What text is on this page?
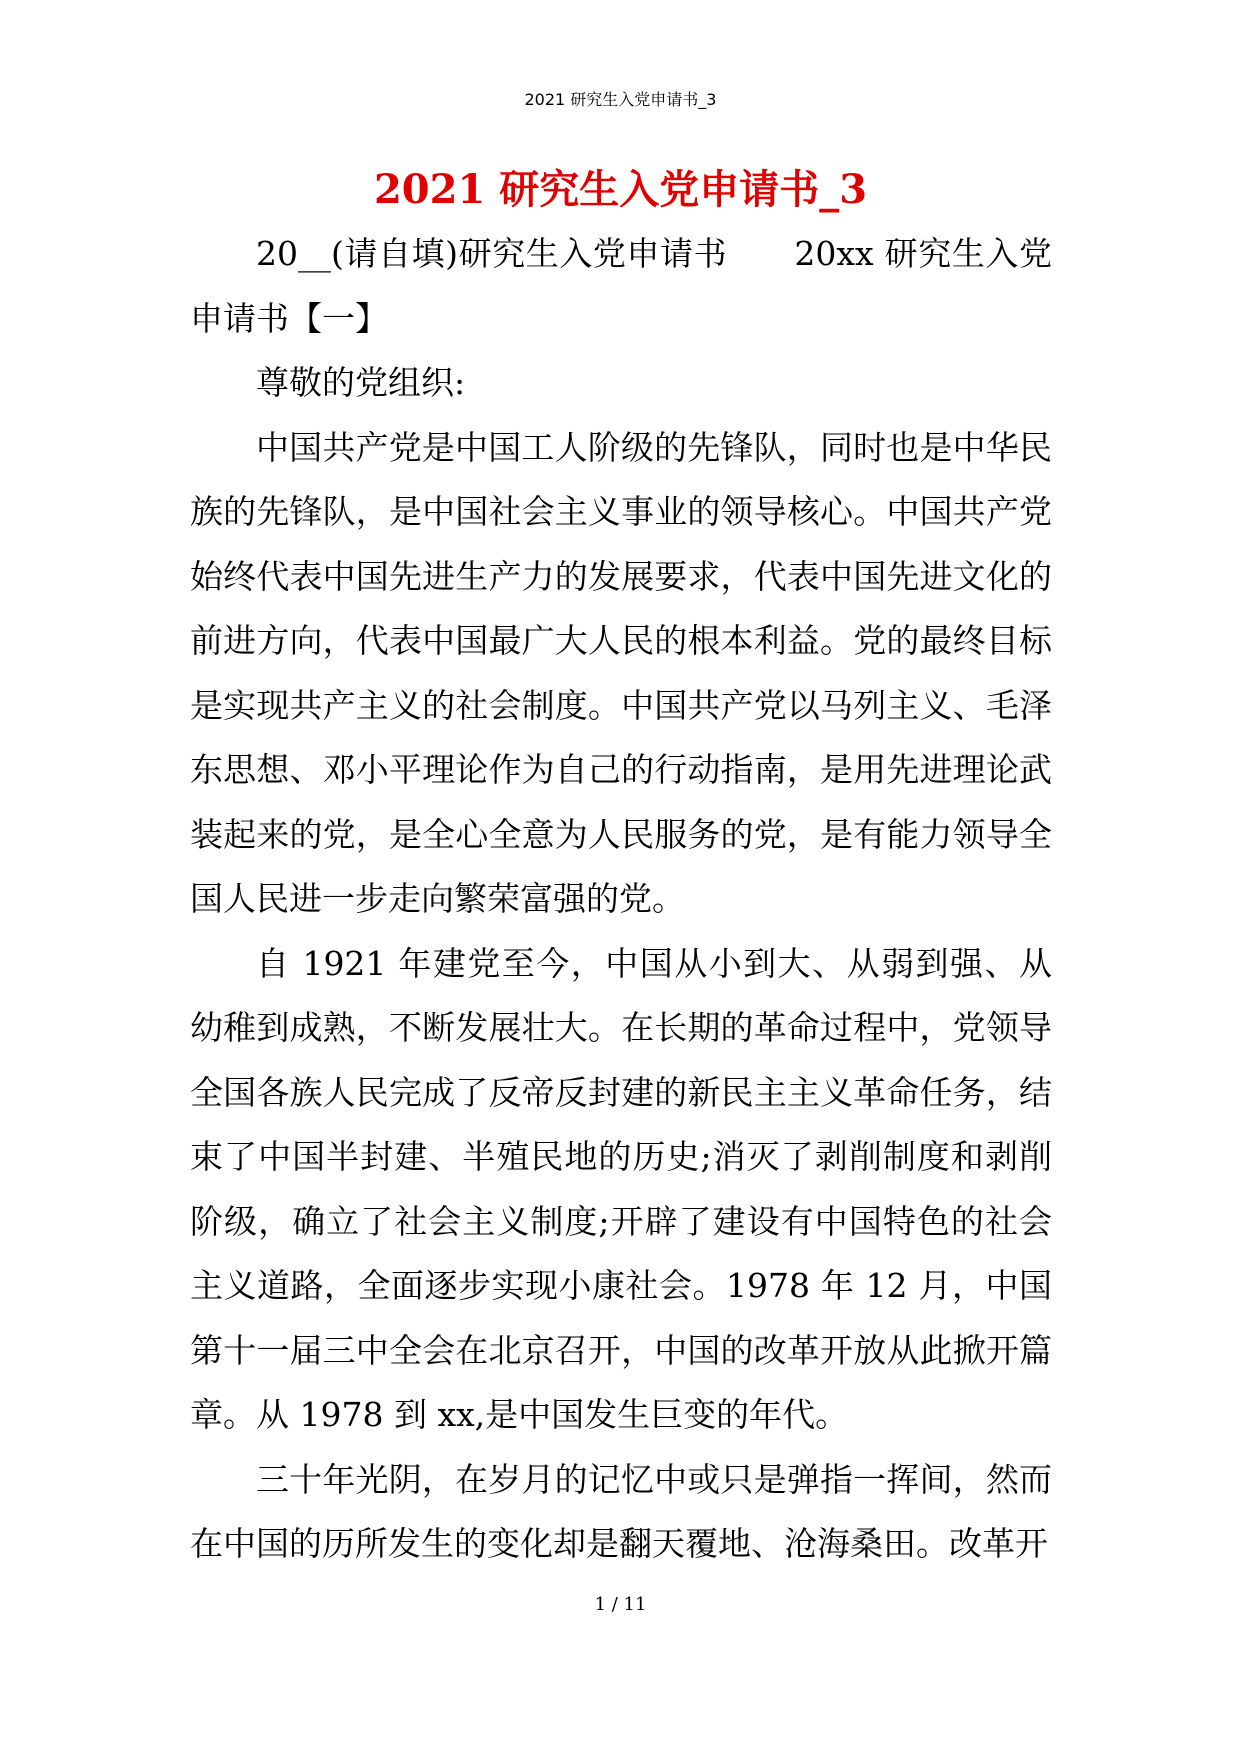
2021 研究生入党申请书_3
2021 研究生入党申请书_3

20__(请自填)研究生入党申请书　　20xx 研究生入党申请书【一】

尊敬的党组织:

中国共产党是中国工人阶级的先锋队，同时也是中华民族的先锋队，是中国社会主义事业的领导核心。中国共产党始终代表中国先进生产力的发展要求，代表中国先进文化的前进方向，代表中国最广大人民的根本利益。党的最终目标是实现共产主义的社会制度。中国共产党以马列主义、毛泽东思想、邓小平理论作为自己的行动指南，是用先进理论武装起来的党，是全心全意为人民服务的党，是有能力领导全国人民进一步走向繁荣富强的党。

自 1921 年建党至今，中国从小到大、从弱到强、从幼稚到成熟，不断发展壮大。在长期的革命过程中，党领导全国各族人民完成了反帝反封建的新民主主义革命任务，结束了中国半封建、半殖民地的历史;消灭了剥削制度和剥削阶级，确立了社会主义制度;开辟了建设有中国特色的社会主义道路，全面逐步实现小康社会。1978 年 12 月，中国第十一届三中全会在北京召开，中国的改革开放从此掀开篇章。从 1978 到 xx,是中国发生巨变的年代。

三十年光阴，在岁月的记忆中或只是弹指一挥间，然而在中国的历所发生的变化却是翻天覆地、沧海桑田。改革开

1 / 11
